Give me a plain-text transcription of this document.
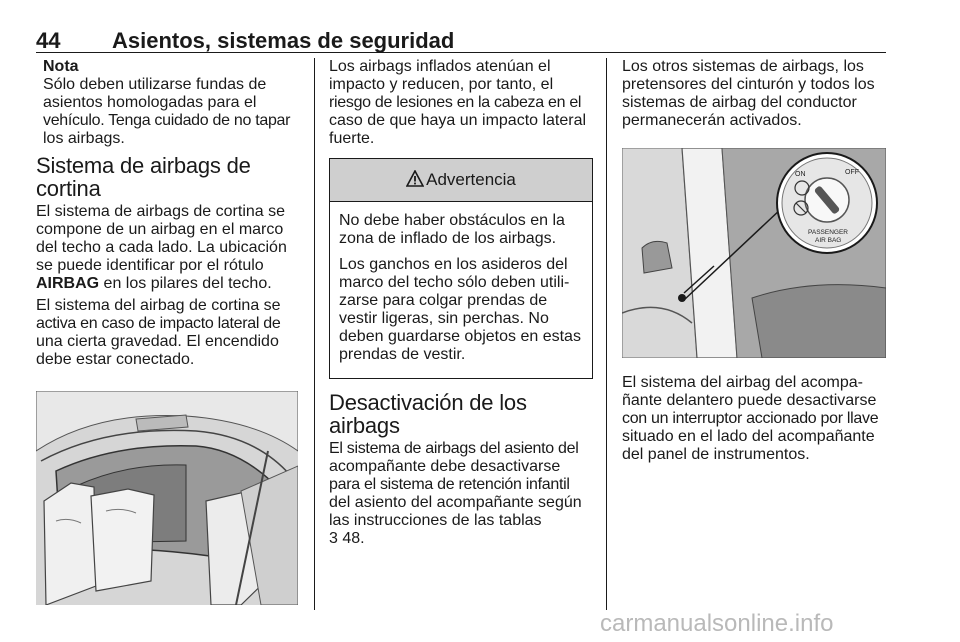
44 Asientos, sistemas de seguridad
Nota
Sólo deben utilizarse fundas de
asientos homologadas para el
vehículo. Tenga cuidado de no tapar
los airbags.
Sistema de airbags de
cortina

El sistema de airbags de cortina se
compone de un airbag en el marco
del techo a cada lado. La ubicación
se puede identificar por el rótulo
AIRBAG en los pilares del techo.

El sistema del airbag de cortina se
activa en caso de impacto lateral de
una cierta gravedad. El encendido
debe estar conectado.

Los airbags inflados atenúan el
impacto y reducen, por tanto, el
riesgo de lesiones en la cabeza en el
caso de que haya un impacto lateral
fuerte.

Advertencia

No debe haber obstáculos en la
zona de inflado de los airbags.

Los ganchos en los asideros del
marco del techo sólo deben utili-
zarse para colgar prendas de
vestir ligeras, sin perchas. No
deben guardarse objetos en estas
prendas de vestir.

Desactivación de los
airbags

El sistema de airbags del asiento del
acompañante debe desactivarse
para el sistema de retención infantil
del asiento del acompañante según
las instrucciones de las tablas
3 48.

Los otros sistemas de airbags, los
pretensores del cinturón y todos los
sistemas de airbag del conductor
permanecerán activados.

ON	OFF
PASSENGER
AIR BAG

El sistema del airbag del acompa-
ñante delantero puede desactivarse
con un interruptor accionado por llave
situado en el lado del acompañante
del panel de instrumentos.

carmanualsonline.info
